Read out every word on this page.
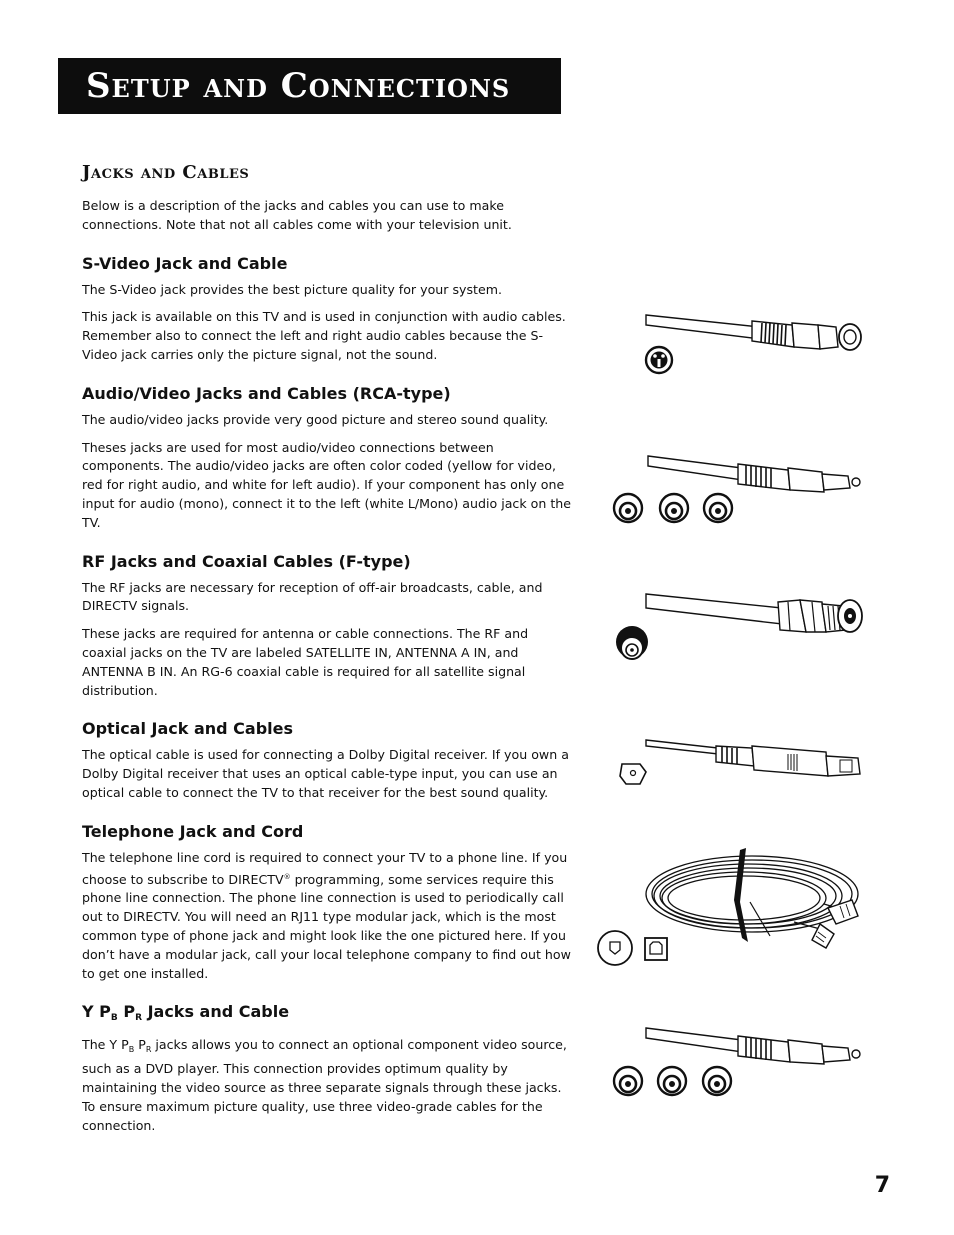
Setup and Connections
Jacks and Cables

Below is a description of the jacks and cables you can use to make connections. Note that not all cables come with your television unit.

S-Video Jack and Cable

The S-Video jack provides the best picture quality for your system.

This jack is available on this TV and is used in conjunction with audio cables. Remember also to connect the left and right audio cables because the S-Video jack carries only the picture signal, not the sound.

Audio/Video Jacks and Cables (RCA-type)

The audio/video jacks provide very good picture and stereo sound quality.

Theses jacks are used for most audio/video connections between components. The audio/video jacks are often color coded (yellow for video, red for right audio, and white for left audio). If your component has only one input for audio (mono), connect it to the left (white L/Mono) audio jack on the TV.

RF Jacks and Coaxial Cables (F-type)

The RF jacks are necessary for reception of off-air broadcasts, cable, and DIRECTV signals.

These jacks are required for antenna or cable connections. The RF and coaxial jacks on the TV are labeled SATELLITE IN, ANTENNA A IN, and ANTENNA B IN. An RG-6 coaxial cable is required for all satellite signal distribution.

Optical Jack and Cables

The optical cable is used for connecting a Dolby Digital receiver. If you own a Dolby Digital receiver that uses an optical cable-type input, you can use an optical cable to connect the TV to that receiver for the best sound quality.

Telephone Jack and Cord

The telephone line cord is required to connect your TV to a phone line. If you choose to subscribe to DIRECTV® programming, some services require this phone line connection. The phone line connection is used to periodically call out to DIRECTV. You will need an RJ11 type modular jack, which is the most common type of phone jack and might look like the one pictured here. If you don’t have a modular jack, call your local telephone company to find out how to get one installed.

Y $P_B$ $P_R$ Jacks and Cable

The Y $P_B$ $P_R$ jacks allows you to connect an optional component video source, such as a DVD player. This connection provides optimum quality by maintaining the video source as three separate signals through these jacks. To ensure maximum picture quality, use three video-grade cables for the connection.

7
